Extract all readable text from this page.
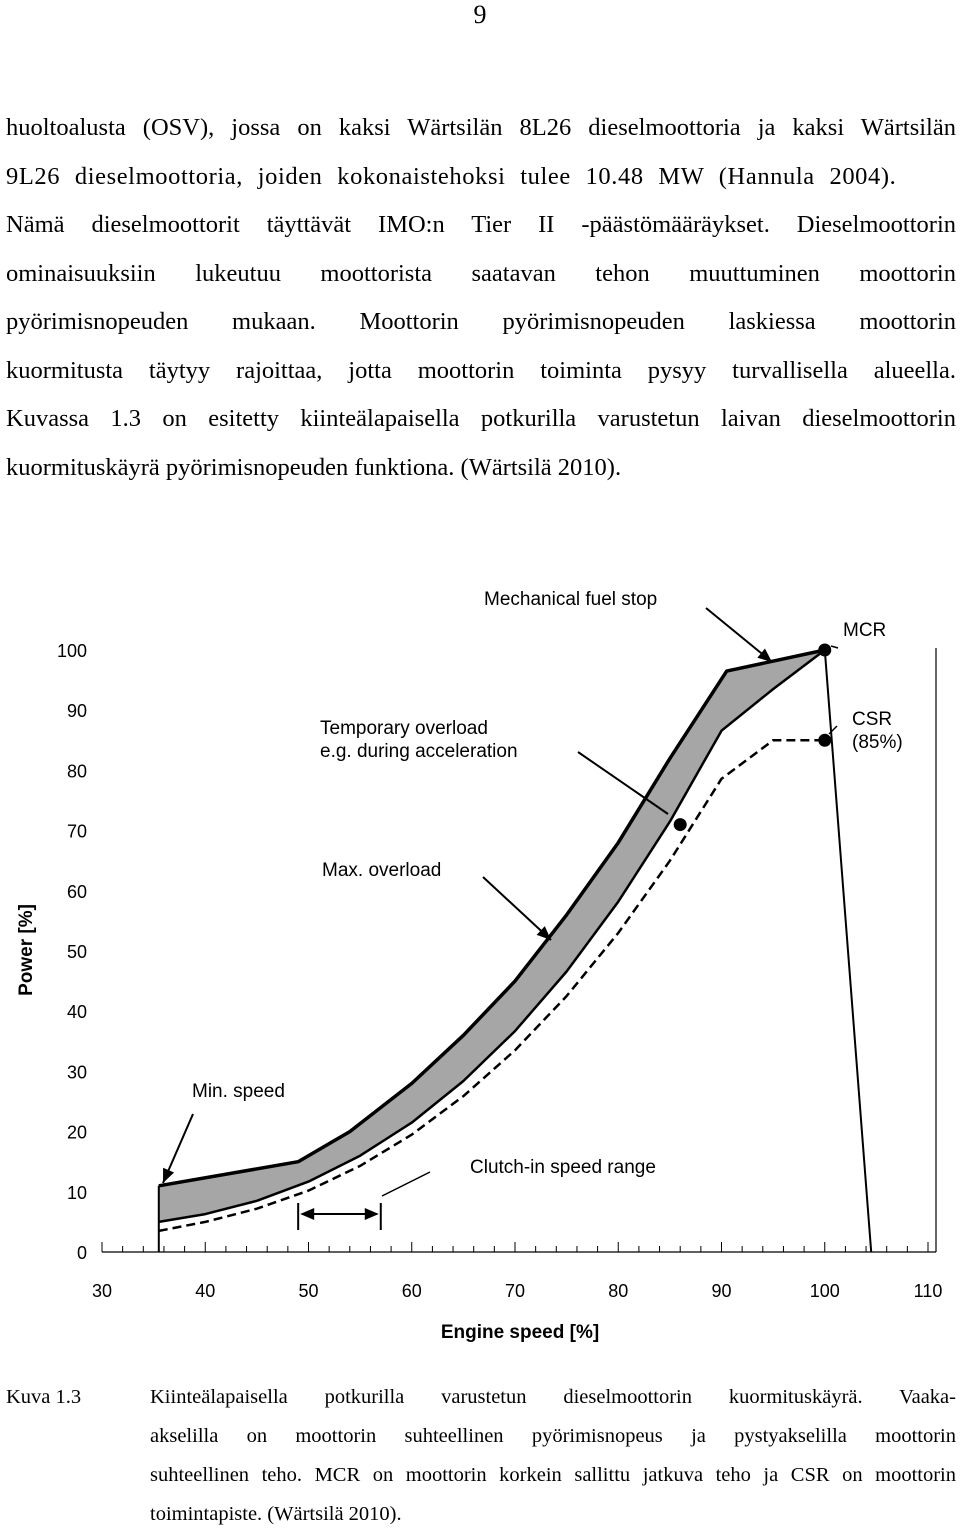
9
huoltoalusta (OSV), jossa on kaksi Wärtsilän 8L26 dieselmoottoria ja kaksi Wärtsilän
9L26 dieselmoottoria, joiden kokonaistehoksi tulee 10.48 MW (Hannula 2004).
Nämä dieselmoottorit täyttävät IMO:n Tier II -päästömääräykset. Dieselmoottorin
ominaisuuksiin lukeutuu moottorista saatavan tehon muuttuminen moottorin
pyörimisnopeuden mukaan. Moottorin pyörimisnopeuden laskiessa moottorin
kuormitusta täytyy rajoittaa, jotta moottorin toiminta pysyy turvallisella alueella.
Kuvassa 1.3 on esitetty kiinteälapaisella potkurilla varustetun laivan dieselmoottorin
kuormituskäyrä pyörimisnopeuden funktiona. (Wärtsilä 2010).
30	40	50	60	70	80	90	100	110
0
10
20
30
40
50
60
70
80
90
100
Engine speed [%]
Power [%]
Mechanical fuel stop
MCR
CSR
(85%)
Temporary overload
e.g. during acceleration
Max. overload
Min. speed
Clutch-in speed range
Kuva 1.3	Kiinteälapaisella potkurilla varustetun dieselmoottorin kuormituskäyrä. Vaaka-
akselilla on moottorin suhteellinen pyörimisnopeus ja pystyakselilla moottorin
suhteellinen teho. MCR on moottorin korkein sallittu jatkuva teho ja CSR on moottorin
toimintapiste. (Wärtsilä 2010).
